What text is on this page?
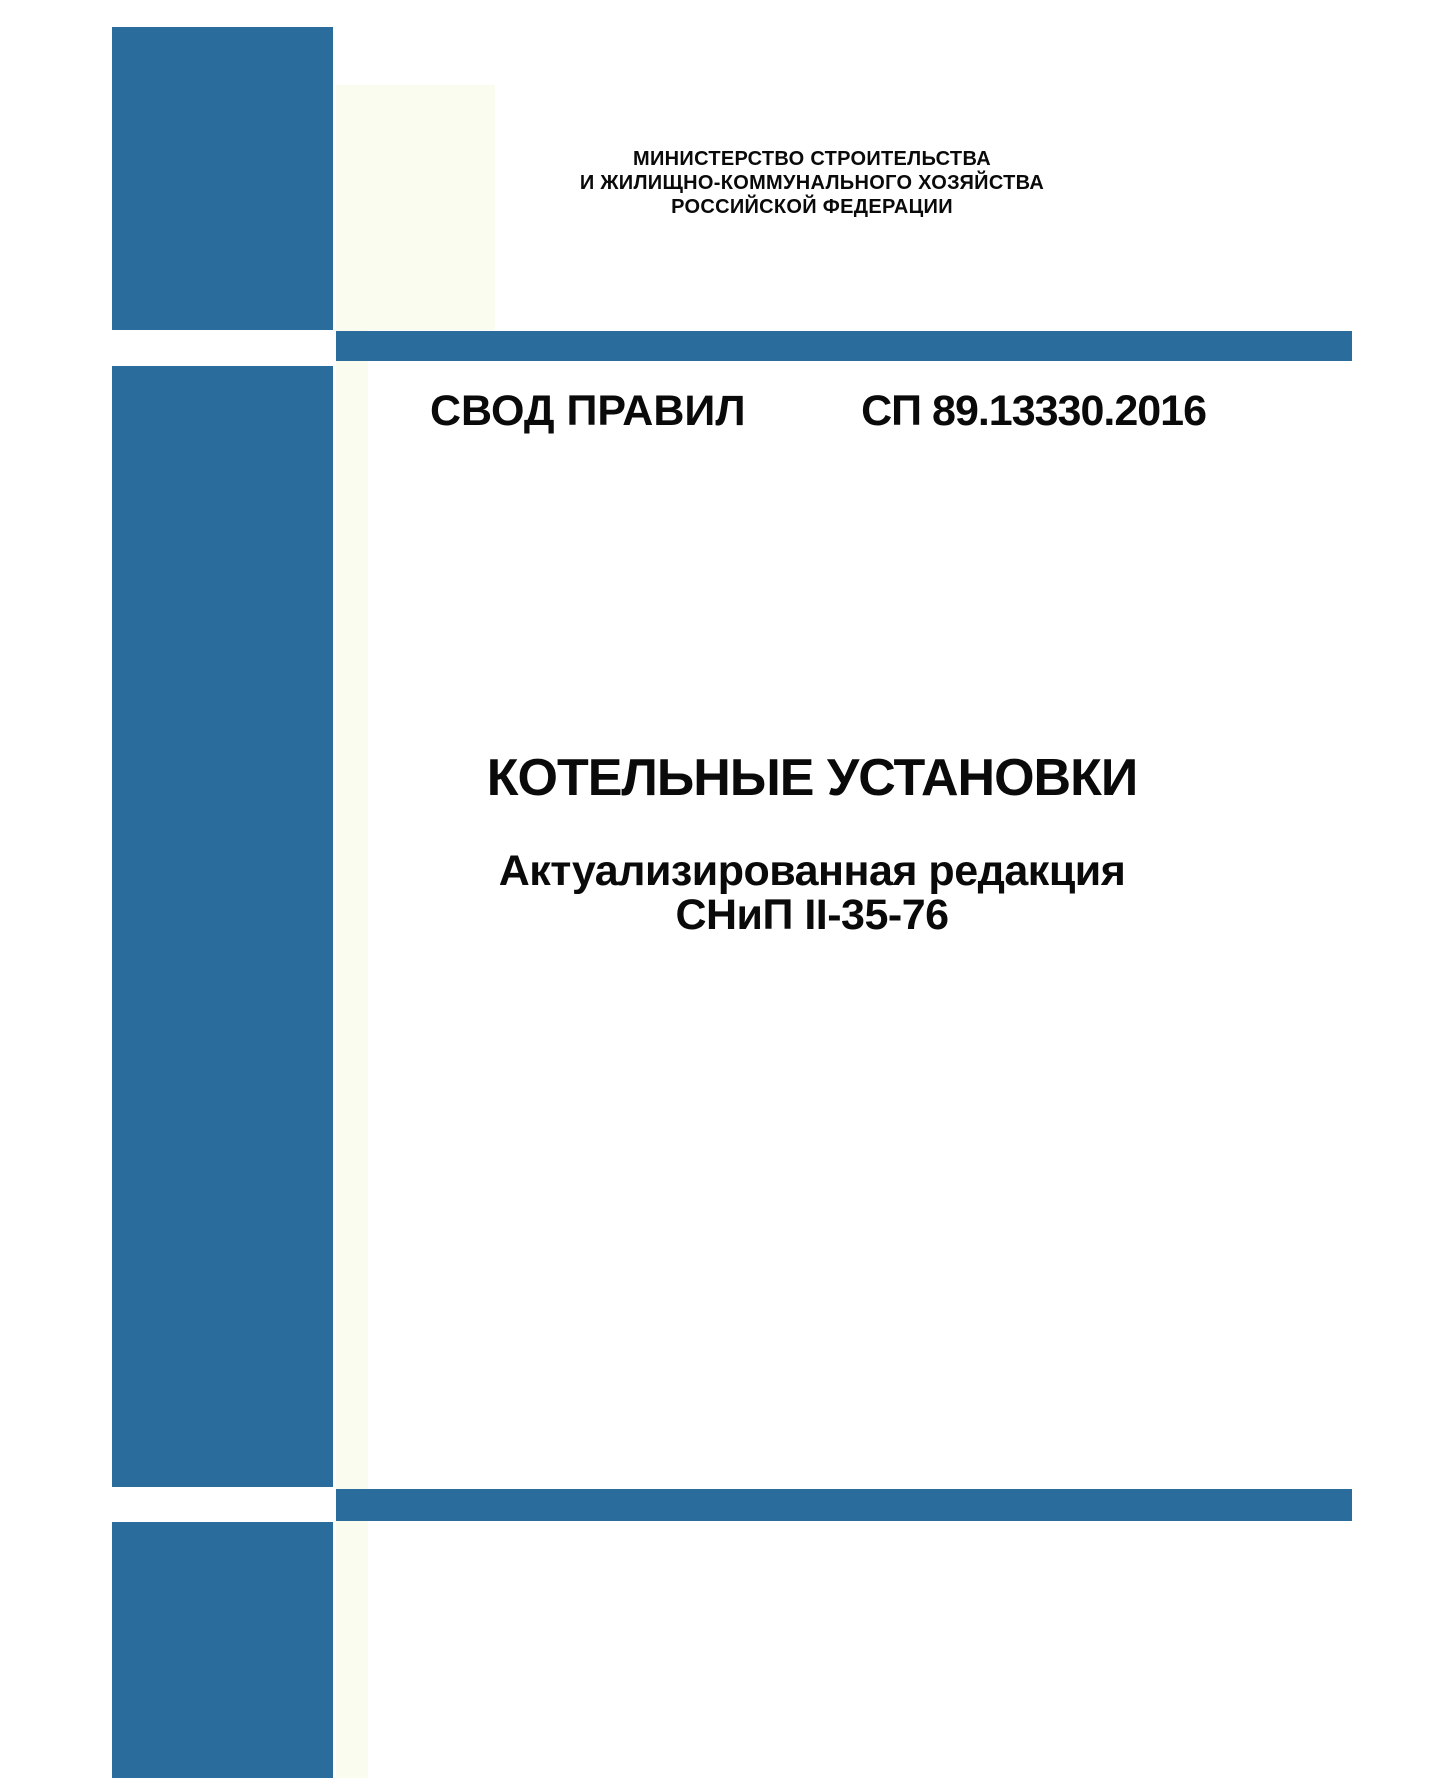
МИНИСТЕРСТВО СТРОИТЕЛЬСТВА
И ЖИЛИЩНО-КОММУНАЛЬНОГО ХОЗЯЙСТВА
РОССИЙСКОЙ ФЕДЕРАЦИИ
СВОД ПРАВИЛ	СП 89.13330.2016
КОТЕЛЬНЫЕ УСТАНОВКИ
Актуализированная редакция
СНиП II-35-76
